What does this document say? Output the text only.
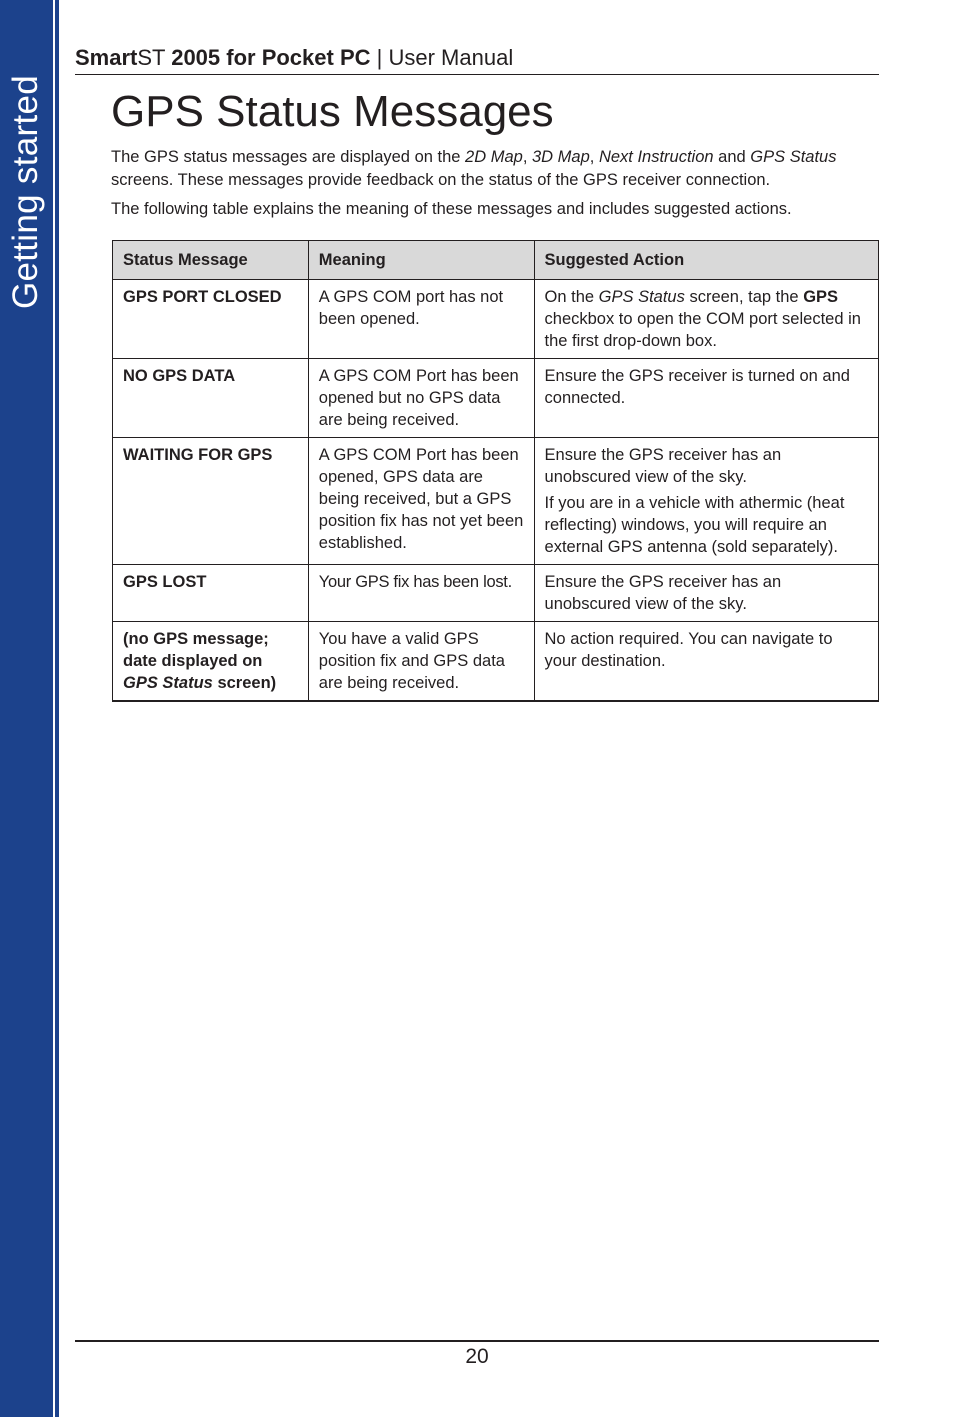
Getting started
SmartST 2005 for Pocket PC | User Manual
GPS Status Messages

The GPS status messages are displayed on the 2D Map, 3D Map, Next Instruction and GPS Status screens. These messages provide feedback on the status of the GPS receiver connection.

The following table explains the meaning of these messages and includes suggested actions.

Status Message	Meaning	Suggested Action
GPS PORT CLOSED	A GPS COM port has not been opened.	On the GPS Status screen, tap the GPS checkbox to open the COM port selected in the first drop-down box.
NO GPS DATA	A GPS COM Port has been opened but no GPS data are being received.	Ensure the GPS receiver is turned on and connected.
WAITING FOR GPS	A GPS COM Port has been opened, GPS data are being received, but a GPS position fix has not yet been established.	Ensure the GPS receiver has an unobscured view of the sky.

If you are in a vehicle with athermic (heat reflecting) windows, you will require an external GPS antenna (sold separately).

GPS LOST	Your GPS fix has been lost.	Ensure the GPS receiver has an unobscured view of the sky.
(no GPS message; date displayed on GPS Status screen)	You have a valid GPS position fix and GPS data are being received.	No action required. You can navigate to your destination.
20
